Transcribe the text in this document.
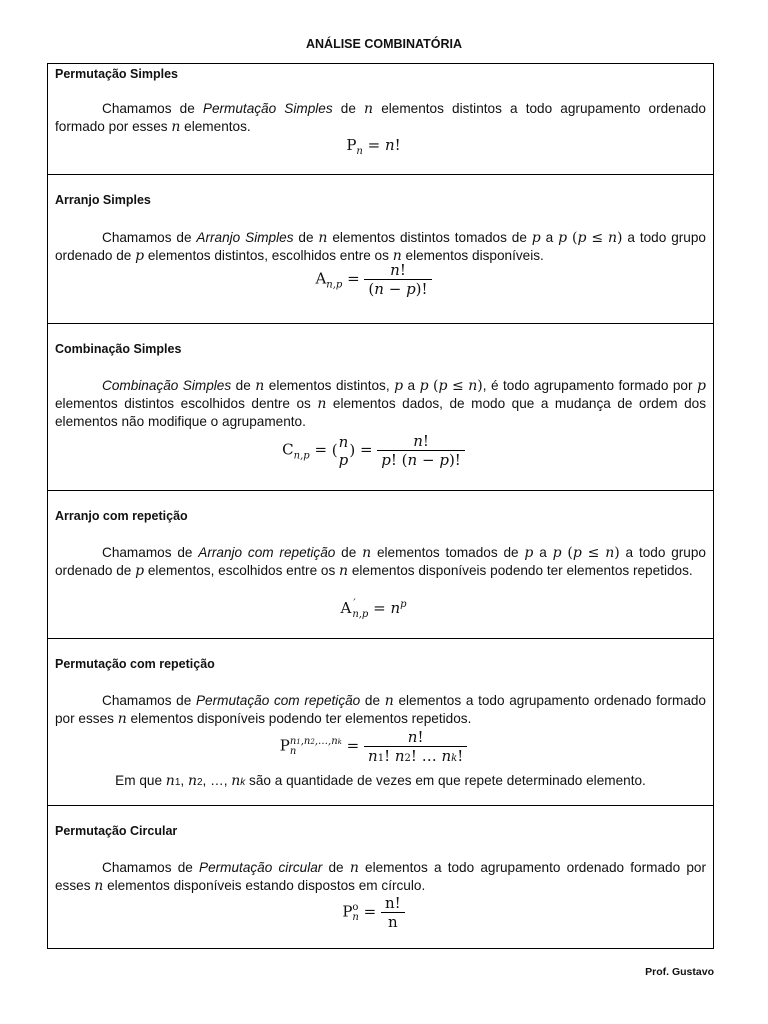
ANÁLISE COMBINATÓRIA
Permutação Simples
Chamamos de Permutação Simples de n elementos distintos a todo agrupamento ordenado formado por esses n elementos.
$P_n = n$!
Arranjo Simples
Chamamos de Arranjo Simples de n elementos distintos tomados de p a p (p ≤ n) a todo grupo ordenado de p elementos distintos, escolhidos entre os n elementos disponíveis.
$A_{n,p} = \frac{n!}{(n - p)!}$
Combinação Simples
Combinação Simples de n elementos distintos, p a p (p ≤ n), é todo agrupamento formado por p elementos distintos escolhidos dentre os n elementos dados, de modo que a mudança de ordem dos elementos não modifique o agrupamento.
$C_{n,p}$ = ( n
p
) = $\frac{n!}{p! (n - p)!}$
Arranjo com repetição
Chamamos de Arranjo com repetição de n elementos tomados de p a p (p ≤ n) a todo grupo ordenado de p elementos, escolhidos entre os n elementos disponíveis podendo ter elementos repetidos.
$A^´_{n,p} = n^p$
Permutação com repetição
Chamamos de Permutação com repetição de n elementos a todo agrupamento ordenado formado por esses n elementos disponíveis podendo ter elementos repetidos.
P n1,n2,…,nk
n	= $\frac{n!}{n1! n2! \dots nk!}$
Em que n1, n2, …, nk são a quantidade de vezes em que repete determinado elemento.
Permutação Circular
Chamamos de Permutação circular de n elementos a todo agrupamento ordenado formado por esses n elementos disponíveis estando dispostos em círculo.
P o
$n = \frac{n!}{n}$
Prof. Gustavo
